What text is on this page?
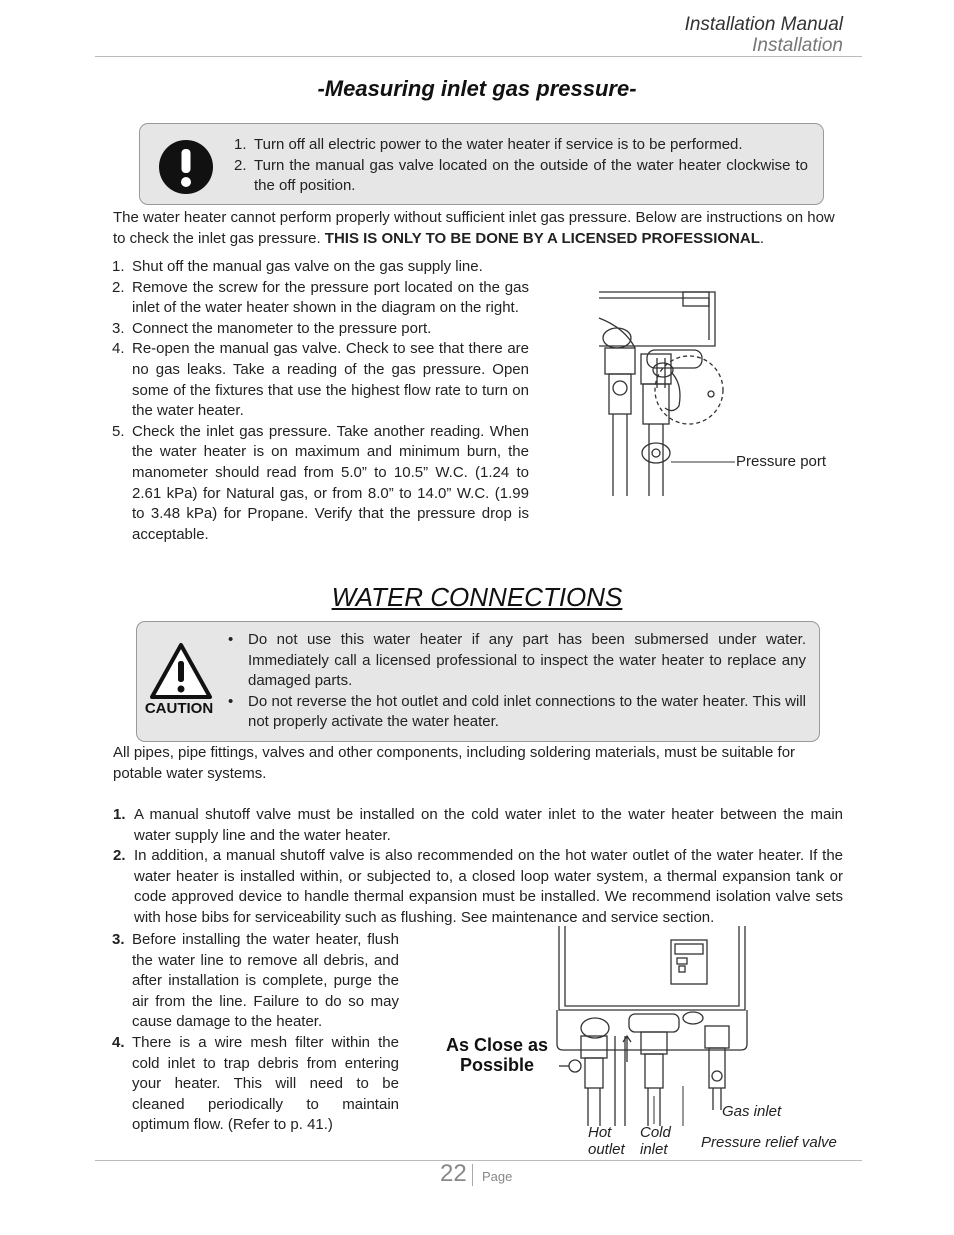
Installation Manual
Installation
-Measuring inlet gas pressure-
1. Turn off all electric power to the water heater if service is to be performed.
2. Turn the manual gas valve located on the outside of the water heater clockwise to the off position.
The water heater cannot perform properly without sufficient inlet gas pressure. Below are instructions on how to check the inlet gas pressure. THIS IS ONLY TO BE DONE BY A LICENSED PROFESSIONAL.
1. Shut off the manual gas valve on the gas supply line.
2. Remove the screw for the pressure port located on the gas inlet of the water heater shown in the diagram on the right.
3. Connect the manometer to the pressure port.
4. Re-open the manual gas valve. Check to see that there are no gas leaks. Take a reading of the gas pressure. Open some of the fixtures that use the highest flow rate to turn on the water heater.
5. Check the inlet gas pressure. Take another reading. When the water heater is on maximum and minimum burn, the manometer should read from 5.0” to 10.5” W.C. (1.24 to 2.61 kPa) for Natural gas, or from 8.0” to 14.0” W.C. (1.99 to 3.48 kPa) for Propane. Verify that the pressure drop is acceptable.
Pressure port
WATER CONNECTIONS
CAUTION
• Do not use this water heater if any part has been submersed under water. Immediately call a licensed professional to inspect the water heater to replace any damaged parts.
• Do not reverse the hot outlet and cold inlet connections to the water heater. This will not properly activate the water heater.
All pipes, pipe fittings, valves and other components, including soldering materials, must be suitable for potable water systems.
1. A manual shutoff valve must be installed on the cold water inlet to the water heater between the main water supply line and the water heater.
2. In addition, a manual shutoff valve is also recommended on the hot water outlet of the water heater. If the water heater is installed within, or subjected to, a closed loop water system, a thermal expansion tank or code approved device to handle thermal expansion must be installed. We recommend isolation valve sets with hose bibs for serviceability such as flushing. See maintenance and service section.
3. Before installing the water heater, flush the water line to remove all debris, and after installation is complete, purge the air from the line. Failure to do so may cause damage to the heater.
4. There is a wire mesh filter within the cold inlet to trap debris from entering your heater. This will need to be cleaned periodically to maintain optimum flow. (Refer to p. 41.)
As Close as Possible
Hot outlet
Cold inlet
Gas inlet
Pressure relief valve
22 Page
